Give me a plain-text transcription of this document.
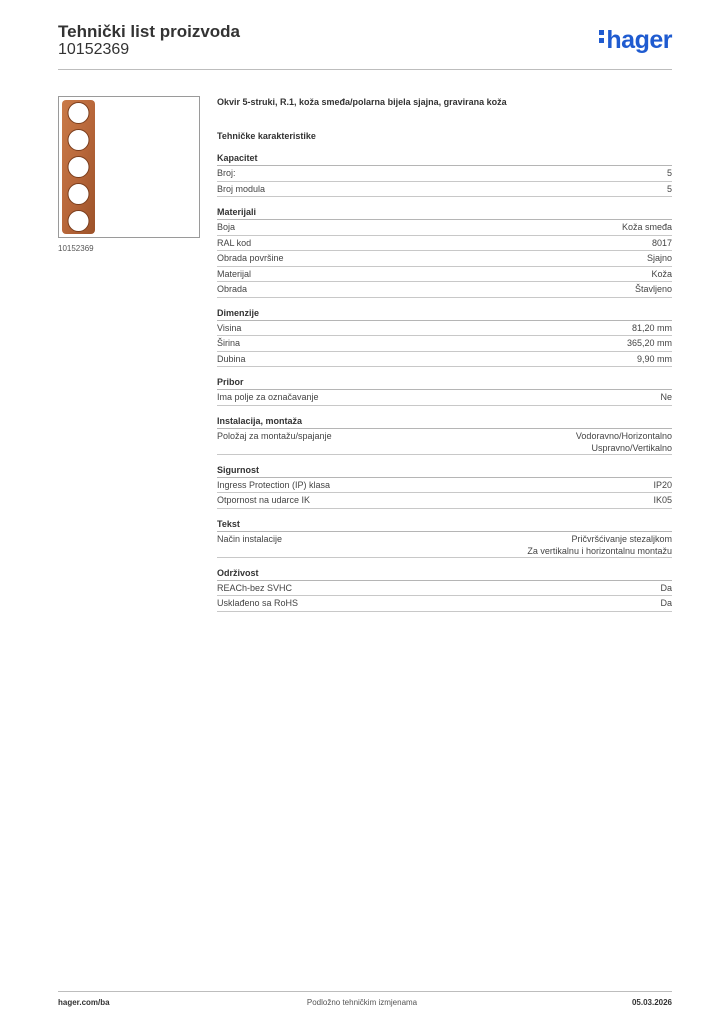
Tehnički list proizvoda
10152369	hager
10152369
Okvir 5-struki, R.1, koža smeđa/polarna bijela sjajna, gravirana koža
Tehničke karakteristike
Kapacitet
Broj:	5
Broj modula	5
Materijali
Boja	Koža smeđa
RAL kod	8017
Obrada površine	Sjajno
Materijal	Koža
Obrada	Štavljeno
Dimenzije
Visina	81,20 mm
Širina	365,20 mm
Dubina	9,90 mm
Pribor
Ima polje za označavanje	Ne
Instalacija, montaža
Položaj za montažu/spajanje	Vodoravno/Horizontalno
Uspravno/Vertikalno
Sigurnost
Ingress Protection (IP) klasa	IP20
Otpornost na udarce IK	IK05
Tekst
Način instalacije	Pričvršćivanje stezaljkom
Za vertikalnu i horizontalnu montažu
Održivost
REACh-bez SVHC	Da
Usklađeno sa RoHS	Da
hager.com/ba	Podložno tehničkim izmjenama	05.03.2026
